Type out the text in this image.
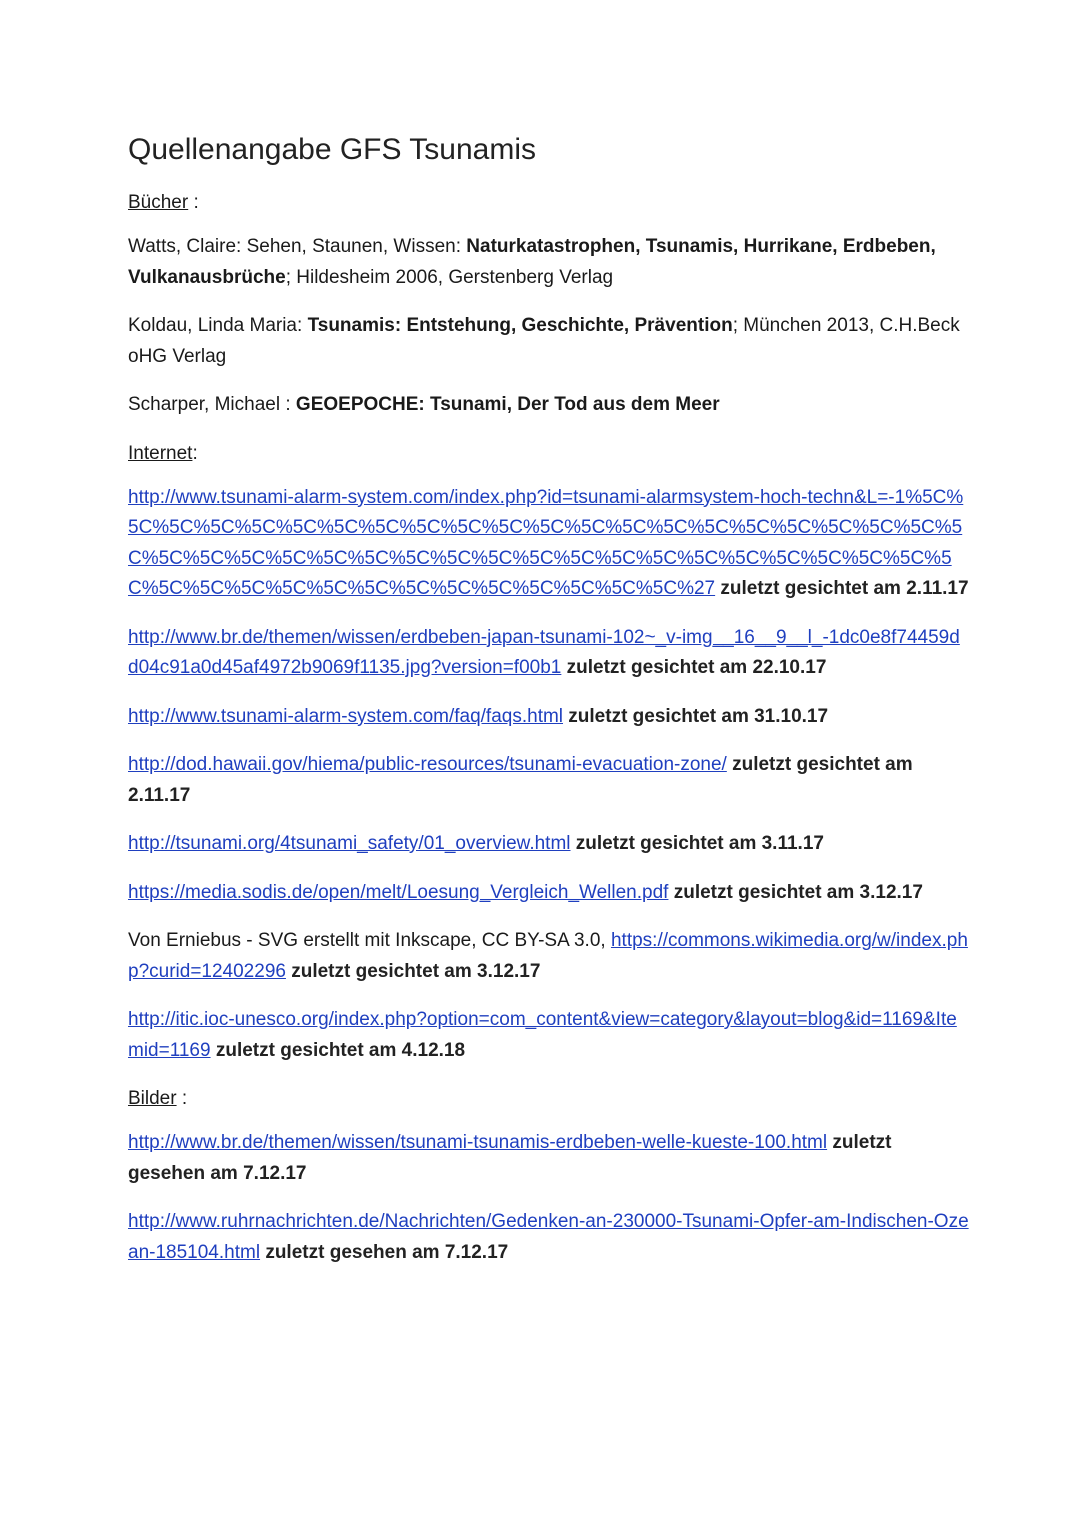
Quellenangabe GFS Tsunamis
Bücher :

Watts, Claire: Sehen, Staunen, Wissen: Naturkatastrophen, Tsunamis, Hurrikane, Erdbeben, Vulkanausbrüche; Hildesheim 2006, Gerstenberg Verlag

Koldau, Linda Maria: Tsunamis: Entstehung, Geschichte, Prävention; München 2013, C.H.Beck oHG Verlag

Scharper, Michael : GEOEPOCHE: Tsunami, Der Tod aus dem Meer

Internet:

http://www.tsunami-alarm-system.com/index.php?id=tsunami-alarmsystem-hoch-techn&L=-1%5C%5C%5C%5C%5C%5C%5C%5C%5C%5C%5C%5C%5C%5C%5C%5C%5C%5C%5C%5C%5C%5C%5C%5C%5C%5C%5C%5C%5C%5C%5C%5C%5C%5C%5C%5C%5C%5C%5C%5C%5C%5C%5C%5C%5C%5C%5C%5C%5C%5C%5C%5C%5C%5C%5C%27 zuletzt gesichtet am 2.11.17

http://www.br.de/themen/wissen/erdbeben-japan-tsunami-102~_v-img__16__9__l_-1dc0e8f74459dd04c91a0d45af4972b9069f1135.jpg?version=f00b1 zuletzt gesichtet am 22.10.17

http://www.tsunami-alarm-system.com/faq/faqs.html zuletzt gesichtet am 31.10.17

http://dod.hawaii.gov/hiema/public-resources/tsunami-evacuation-zone/ zuletzt gesichtet am 2.11.17

http://tsunami.org/4tsunami_safety/01_overview.html zuletzt gesichtet am 3.11.17

https://media.sodis.de/open/melt/Loesung_Vergleich_Wellen.pdf zuletzt gesichtet am 3.12.17

Von Erniebus - SVG erstellt mit Inkscape, CC BY-SA 3.0, https://commons.wikimedia.org/w/index.php?curid=12402296 zuletzt gesichtet am 3.12.17

http://itic.ioc-unesco.org/index.php?option=com_content&view=category&layout=blog&id=1169&Itemid=1169 zuletzt gesichtet am 4.12.18

Bilder :

http://www.br.de/themen/wissen/tsunami-tsunamis-erdbeben-welle-kueste-100.html zuletzt gesehen am 7.12.17

http://www.ruhrnachrichten.de/Nachrichten/Gedenken-an-230000-Tsunami-Opfer-am-Indischen-Ozean-185104.html zuletzt gesehen am 7.12.17
